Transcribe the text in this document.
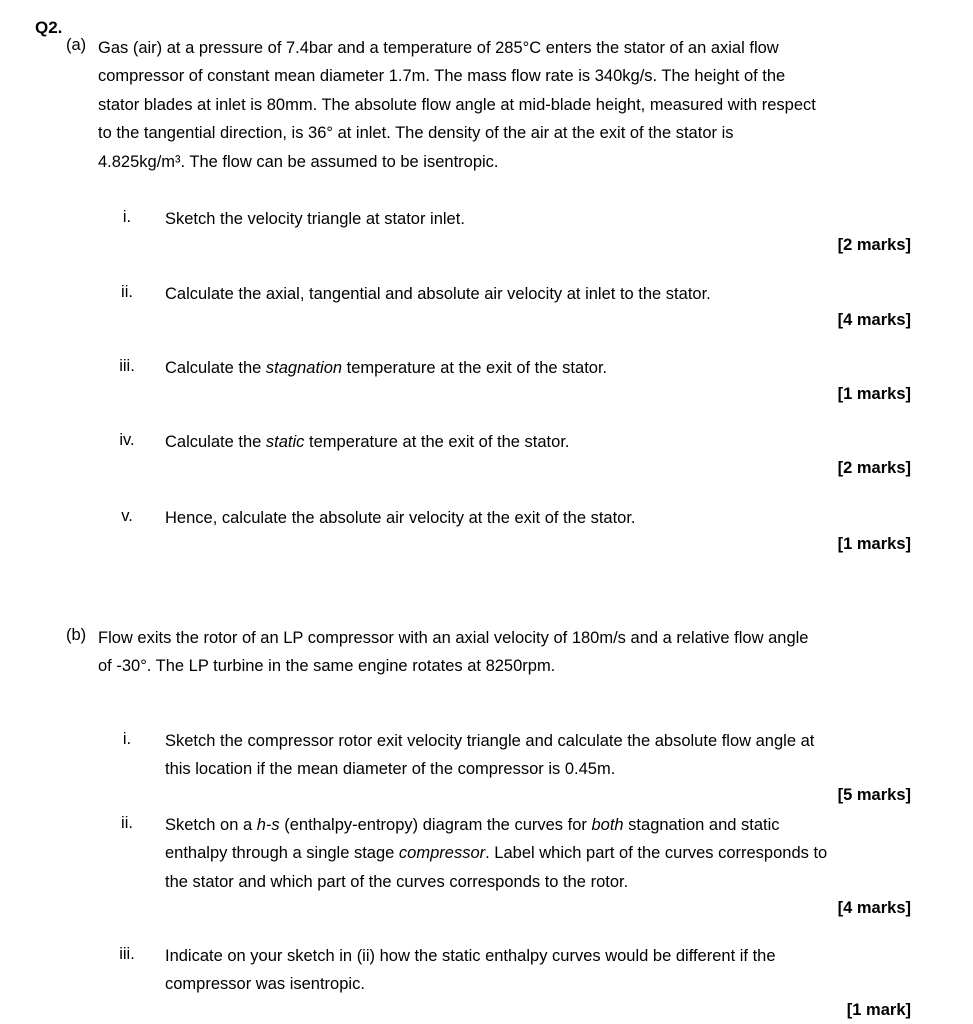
Q2.
(a) Gas (air) at a pressure of 7.4bar and a temperature of 285°C enters the stator of an axial flow
compressor of constant mean diameter 1.7m. The mass flow rate is 340kg/s. The height of the
stator blades at inlet is 80mm. The absolute flow angle at mid-blade height, measured with respect
to the tangential direction, is 36° at inlet. The density of the air at the exit of the stator is
4.825kg/m³. The flow can be assumed to be isentropic.
i.	Sketch the velocity triangle at stator inlet.
[2 marks]
ii.	Calculate the axial, tangential and absolute air velocity at inlet to the stator.
[4 marks]
iii.	Calculate the stagnation temperature at the exit of the stator.
[1 marks]
iv.	Calculate the static temperature at the exit of the stator.
[2 marks]
v.	Hence, calculate the absolute air velocity at the exit of the stator.
[1 marks]
(b) Flow exits the rotor of an LP compressor with an axial velocity of 180m/s and a relative flow angle
of -30°. The LP turbine in the same engine rotates at 8250rpm.
i.	Sketch the compressor rotor exit velocity triangle and calculate the absolute flow angle at
this location if the mean diameter of the compressor is 0.45m.
[5 marks]
ii.	Sketch on a h-s (enthalpy-entropy) diagram the curves for both stagnation and static
enthalpy through a single stage compressor. Label which part of the curves corresponds to
the stator and which part of the curves corresponds to the rotor.
[4 marks]
iii.	Indicate on your sketch in (ii) how the static enthalpy curves would be different if the
compressor was isentropic.
[1 mark]
